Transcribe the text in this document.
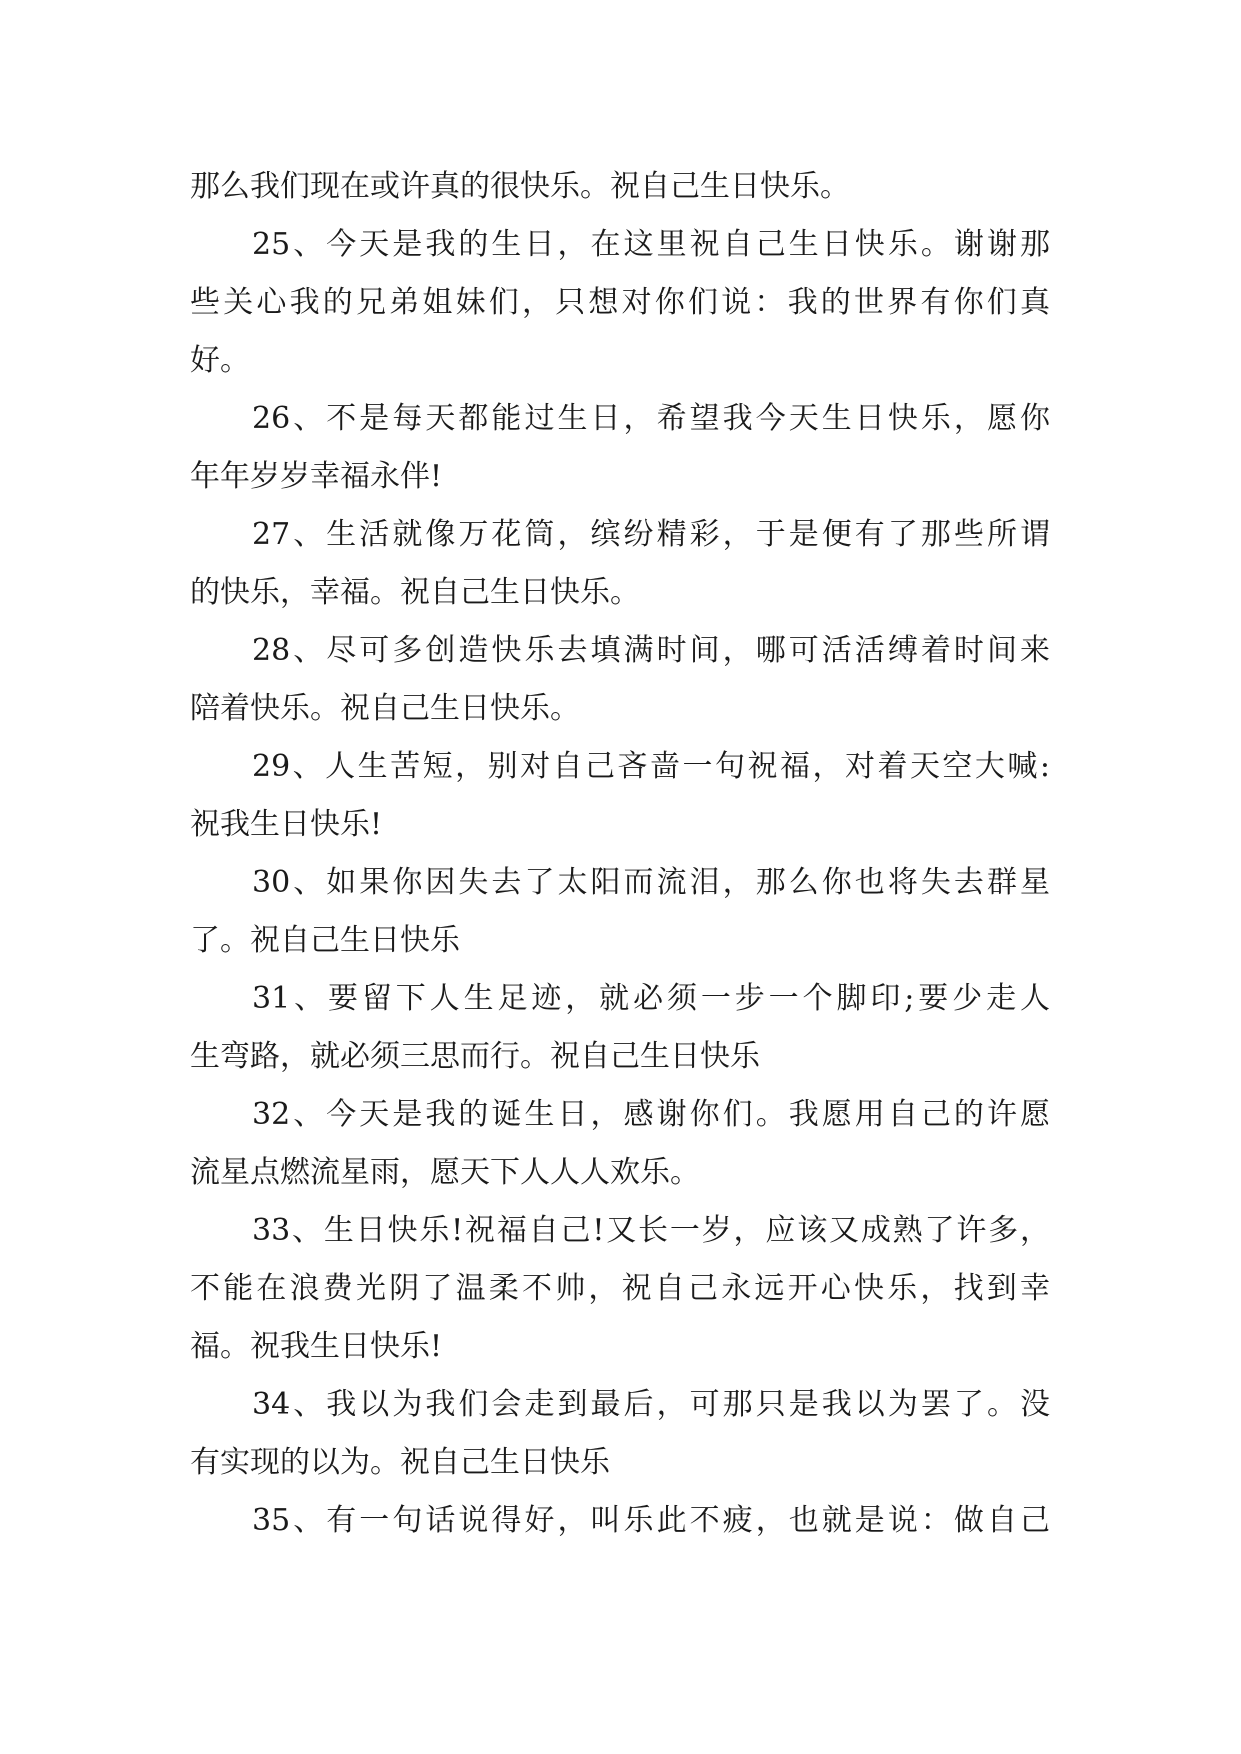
那么我们现在或许真的很快乐。祝自己生日快乐。
25、今天是我的生日，在这里祝自己生日快乐。谢谢那
些关心我的兄弟姐妹们，只想对你们说：我的世界有你们真
好。
26、不是每天都能过生日，希望我今天生日快乐，愿你
年年岁岁幸福永伴!
27、生活就像万花筒，缤纷精彩，于是便有了那些所谓
的快乐，幸福。祝自己生日快乐。
28、尽可多创造快乐去填满时间，哪可活活缚着时间来
陪着快乐。祝自己生日快乐。
29、人生苦短，别对自己吝啬一句祝福，对着天空大喊:
祝我生日快乐!
30、如果你因失去了太阳而流泪，那么你也将失去群星
了。祝自己生日快乐
31、要留下人生足迹，就必须一步一个脚印;要少走人
生弯路，就必须三思而行。祝自己生日快乐
32、今天是我的诞生日，感谢你们。我愿用自己的许愿
流星点燃流星雨，愿天下人人人欢乐。
33、生日快乐!祝福自己!又长一岁，应该又成熟了许多，
不能在浪费光阴了温柔不帅，祝自己永远开心快乐，找到幸
福。祝我生日快乐!
34、我以为我们会走到最后，可那只是我以为罢了。没
有实现的以为。祝自己生日快乐
35、有一句话说得好，叫乐此不疲，也就是说：做自己
